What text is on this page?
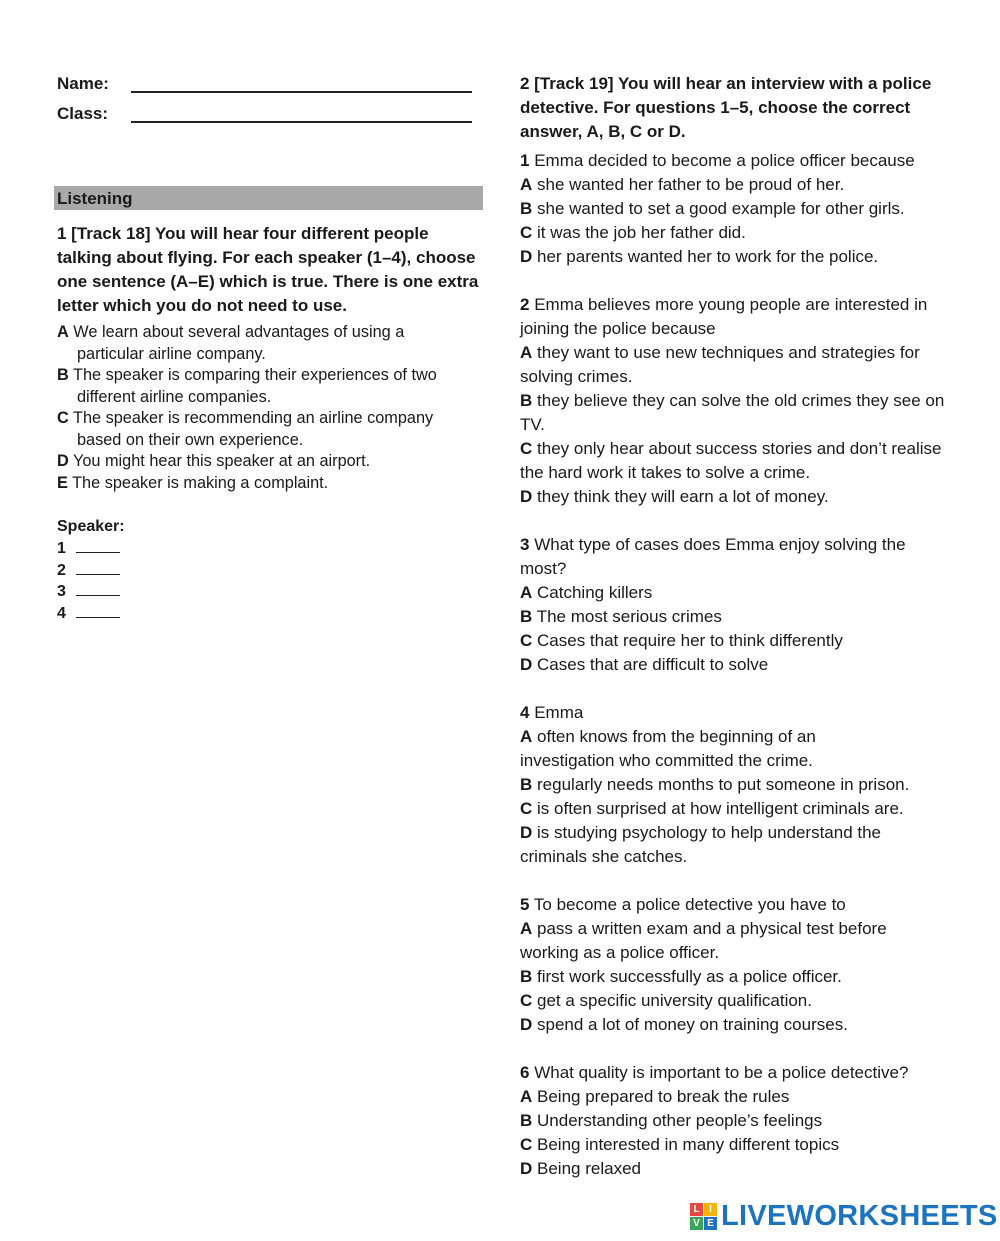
Name:
Class:
Listening
1 [Track 18] You will hear four different people talking about flying. For each speaker (1–4), choose one sentence (A–E) which is true. There is one extra letter which you do not need to use.
A We learn about several advantages of using a
particular airline company.
B The speaker is comparing their experiences of two
different airline companies.
C The speaker is recommending an airline company
based on their own experience.
D You might hear this speaker at an airport.
E The speaker is making a complaint.
Speaker:
1
2
3
4
2 [Track 19] You will hear an interview with a police detective. For questions 1–5, choose the correct answer, A, B, C or D.
1 Emma decided to become a police officer because
A she wanted her father to be proud of her.
B she wanted to set a good example for other girls.
C it was the job her father did.
D her parents wanted her to work for the police.
2 Emma believes more young people are interested in joining the police because
A they want to use new techniques and strategies for solving crimes.
B they believe they can solve the old crimes they see on TV.
C they only hear about success stories and don’t realise the hard work it takes to solve a crime.
D they think they will earn a lot of money.
3 What type of cases does Emma enjoy solving the most?
A Catching killers
B The most serious crimes
C Cases that require her to think differently
D Cases that are difficult to solve
4 Emma
A often knows from the beginning of an investigation who committed the crime.
B regularly needs months to put someone in prison.
C is often surprised at how intelligent criminals are.
D is studying psychology to help understand the criminals she catches.
5 To become a police detective you have to
A pass a written exam and a physical test before working as a police officer.
B first work successfully as a police officer.
C get a specific university qualification.
D spend a lot of money on training courses.
6 What quality is important to be a police detective?
A Being prepared to break the rules
B Understanding other people’s feelings
C Being interested in many different topics
D Being relaxed
L I
V E LIVEWORKSHEETS
